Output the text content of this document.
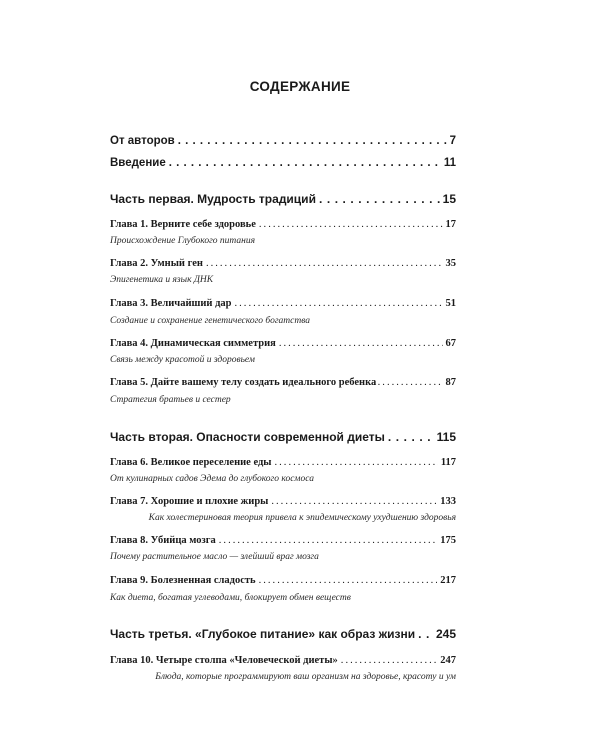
СОДЕРЖАНИЕ
От авторов . . .	7
Введение . . .	11
Часть первая. Мудрость традиций . . .	15
Глава 1. Верните себе здоровье . . .	17
Происхождение Глубокого питания
Глава 2. Умный ген . . .	35
Эпигенетика и язык ДНК
Глава 3. Величайший дар . . .	51
Создание и сохранение генетического богатства
Глава 4. Динамическая симметрия . . .	67
Связь между красотой и здоровьем
Глава 5. Дайте вашему телу создать идеального ребенка . . .	87
Стратегия братьев и сестер
Часть вторая. Опасности современной диеты . . .	115
Глава 6. Великое переселение еды . . .	117
От кулинарных садов Эдема до глубокого космоса
Глава 7. Хорошие и плохие жиры . . .	133
Как холестериновая теория привела к эпидемическому ухудшению здоровья
Глава 8. Убийца мозга . . .	175
Почему растительное масло — злейший враг мозга
Глава 9. Болезненная сладость . . .	217
Как диета, богатая углеводами, блокирует обмен веществ
Часть третья. «Глубокое питание» как образ жизни . . . 245
Глава 10. Четыре столпа «Человеческой диеты» . . .	247
Блюда, которые программируют ваш организм на здоровье, красоту и ум
